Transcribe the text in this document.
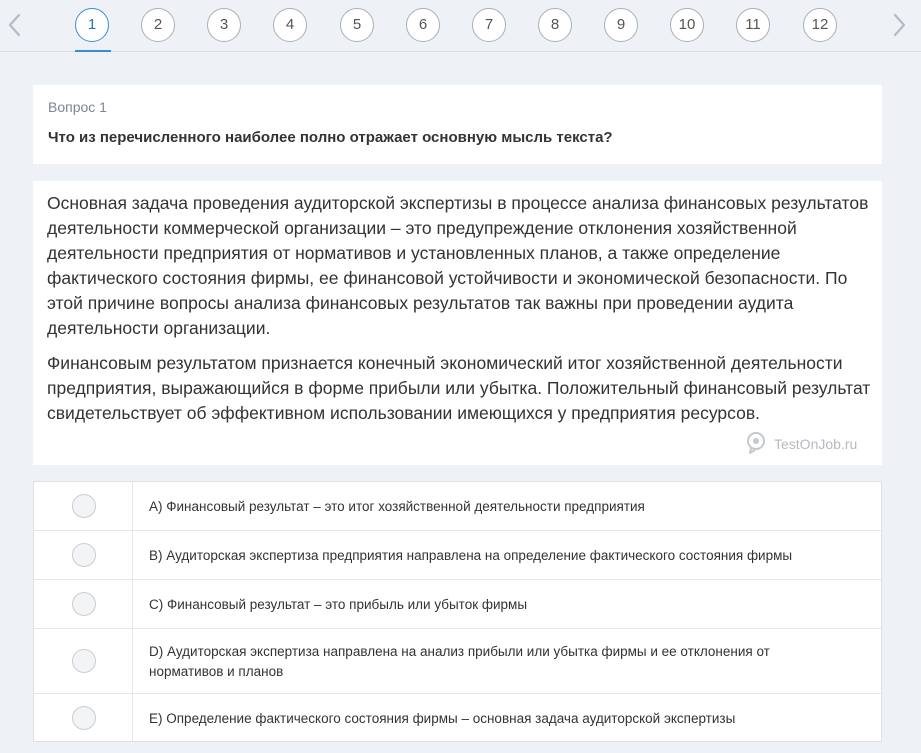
1	2	3	4	5	6	7	8	9	10	11	12
Вопрос 1
Что из перечисленного наиболее полно отражает основную мысль текста?

Основная задача проведения аудиторской экспертизы в процессе анализа финансовых результатов деятельности коммерческой организации – это предупреждение отклонения хозяйственной деятельности предприятия от нормативов и установленных планов, а также определение фактического состояния фирмы, ее финансовой устойчивости и экономической безопасности. По этой причине вопросы анализа финансовых результатов так важны при проведении аудита деятельности организации.

Финансовым результатом признается конечный экономический итог хозяйственной деятельности предприятия, выражающийся в форме прибыли или убытка. Положительный финансовый результат свидетельствует об эффективном использовании имеющихся у предприятия ресурсов.

TestOnJob.ru
A) Финансовый результат – это итог хозяйственной деятельности предприятия
B) Аудиторская экспертиза предприятия направлена на определение фактического состояния фирмы
C) Финансовый результат – это прибыль или убыток фирмы
D) Аудиторская экспертиза направлена на анализ прибыли или убытка фирмы и ее отклонения от нормативов и планов
E) Определение фактического состояния фирмы – основная задача аудиторской экспертизы
